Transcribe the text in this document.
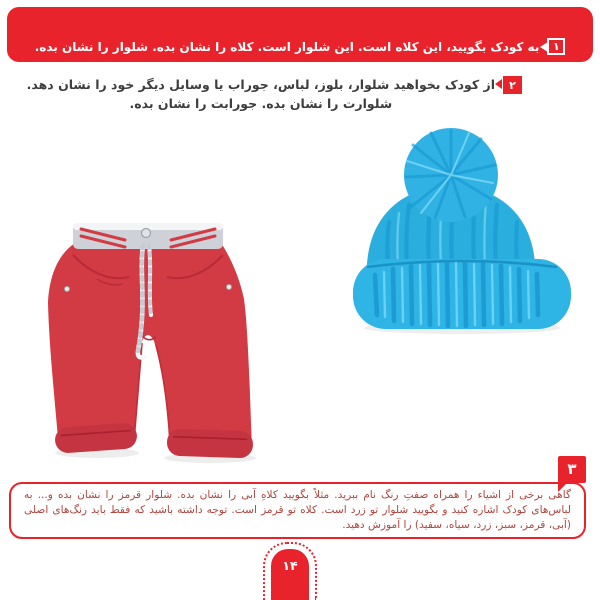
۱
به کودک بگویید، این کلاه است. این شلوار است. کلاه را نشان بده. شلوار را نشان بده.
۲
از کودک بخواهید شلوار، بلوز، لباس، جوراب یا وسایل دیگر خود را نشان دهد.
شلوارت را نشان بده. جورابت را نشان بده.
۳
گاهی برخی از اشیاء را همراه صفتِ رنگ نام ببرید. مثلاً بگویید کلاهِ آبی را نشان بده. شلوار قرمز را نشان بده و... به لباس‌های کودک اشاره کنید و بگویید شلوار تو زرد است. کلاه تو قرمز است. توجه داشته باشید که فقط باید رنگ‌های اصلی (آبی، قرمز، سبز، زرد، سیاه، سفید) را آموزش دهید.
۱۴
